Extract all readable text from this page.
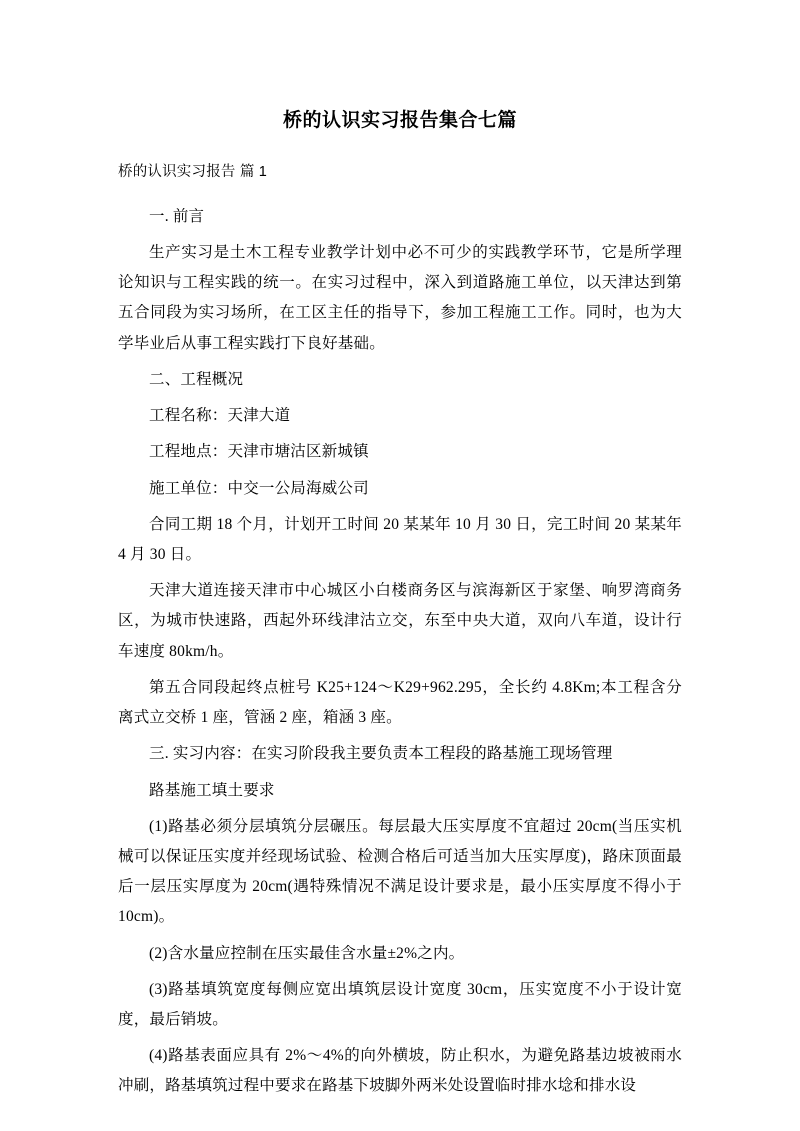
桥的认识实习报告集合七篇
桥的认识实习报告 篇 1

一. 前言

生产实习是土木工程专业教学计划中必不可少的实践教学环节，它是所学理论知识与工程实践的统一。在实习过程中，深入到道路施工单位，以天津达到第五合同段为实习场所，在工区主任的指导下，参加工程施工工作。同时，也为大学毕业后从事工程实践打下良好基础。

二、工程概况

工程名称：天津大道

工程地点：天津市塘沽区新城镇

施工单位：中交一公局海威公司

合同工期 18 个月，计划开工时间 20 某某年 10 月 30 日，完工时间 20 某某年 4 月 30 日。

天津大道连接天津市中心城区小白楼商务区与滨海新区于家堡、响罗湾商务区，为城市快速路，西起外环线津沽立交，东至中央大道，双向八车道，设计行车速度 80km/h。

第五合同段起终点桩号 K25+124～K29+962.295，全长约 4.8Km;本工程含分离式立交桥 1 座，管涵 2 座，箱涵 3 座。

三. 实习内容：在实习阶段我主要负责本工程段的路基施工现场管理

路基施工填土要求

(1)路基必须分层填筑分层碾压。每层最大压实厚度不宜超过 20cm(当压实机械可以保证压实度并经现场试验、检测合格后可适当加大压实厚度)，路床顶面最后一层压实厚度为 20cm(遇特殊情况不满足设计要求是，最小压实厚度不得小于 10cm)。

(2)含水量应控制在压实最佳含水量±2%之内。

(3)路基填筑宽度每侧应宽出填筑层设计宽度 30cm，压实宽度不小于设计宽度，最后销坡。

(4)路基表面应具有 2%～4%的向外横坡，防止积水，为避免路基边坡被雨水冲刷，路基填筑过程中要求在路基下坡脚外两米处设置临时排水埝和排水设
